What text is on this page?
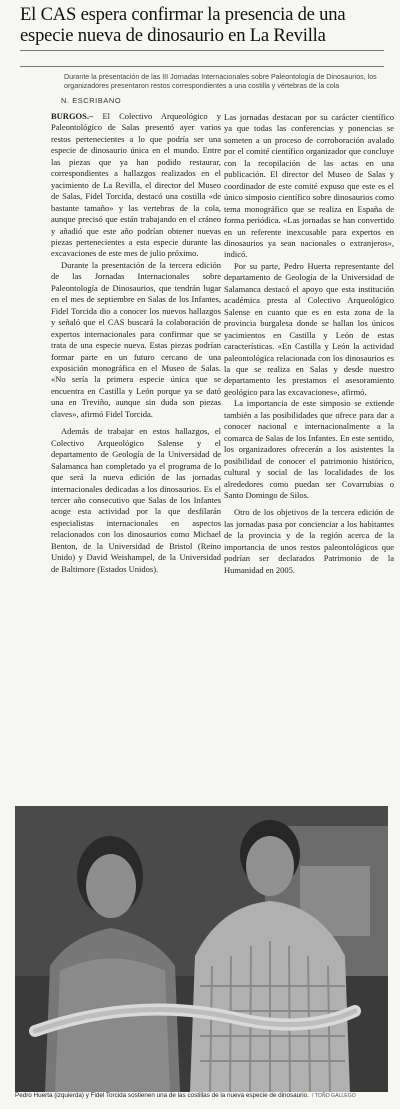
El CAS espera confirmar la presencia de una especie nueva de dinosaurio en La Revilla
Durante la presentación de las III Jornadas Internacionales sobre Paleontología de Dinosaurios, los organizadores presentaron restos correspondientes a una costilla y vértebras de la cola
N. ESCRIBANO

BURGOS.– El Colectivo Arqueológico y Paleontológico de Salas presentó ayer varios restos pertenecientes a lo que podría ser una especie de dinosaurio única en el mundo. Entre las piezas que ya han podido restaurar, correspondientes a hallazgos realizados en el yacimiento de La Revilla, el director del Museo de Salas, Fidel Torcida, destacó una costilla «de bastante tamaño» y las vertebras de la cola, aunque precisó que están trabajando en el cráneo y añadió que este año podrían obtener nuevas piezas pertenecientes a esta especie durante las excavaciones de este mes de julio próximo.

Durante la presentación de la tercera edición de las Jornadas Internacionales sobre Paleontología de Dinosaurios, que tendrán lugar en el mes de septiembre en Salas de los Infantes, Fidel Torcida dio a conocer los nuevos hallazgos y señaló que el CAS buscará la colaboración de expertos internacionales para confirmar que se trata de una especie nueva. Estas piezas podrían formar parte en un futuro cercano de una exposición monográfica en el Museo de Salas. «No sería la primera especie única que se encuentra en Castilla y León porque ya se dató una en Treviño, aunque sin duda son piezas claves», afirmó Fidel Torcida.

Además de trabajar en estos hallazgos, el Colectivo Arqueológico Salense y el departamento de Geología de la Universidad de Salamanca han completado ya el programa de lo que será la nueva edición de las jornadas internacionales dedicadas a los dinosaurios. Es el tercer año consecutivo que Salas de los Infantes acoge esta actividad por la que desfilarán especialistas internacionales en aspectos relacionados con los dinosaurios como Michael Benton, de la Universidad de Bristol (Reino Unido) y David Weishampel, de la Universidad de Baltimore (Estados Unidos).

Las jornadas destacan por su carácter científico ya que todas las conferencias y ponencias se someten a un proceso de corroboración avalado por el comité científico organizador que concluye con la recopilación de las actas en una publicación. El director del Museo de Salas y coordinador de este comité expuso que este es el único simposio científico sobre dinosaurios como tema monográfico que se realiza en España de forma periódica. «Las jornadas se han convertido en un referente inexcusable para expertos en dinosaurios ya sean nacionales o extranjeros», indicó.

Por su parte, Pedro Huerta representante del departamento de Geología de la Universidad de Salamanca destacó el apoyo que esta institución académica presta al Colectivo Arqueológico Salense en cuanto que es en esta zona de la provincia burgalesa donde se hallan los únicos yacimientos en Castilla y León de estas características. «En Castilla y León la actividad paleontológica relacionada con los dinosaurios es la que se realiza en Salas y desde nuestro departamento les prestamos el asesoramiento geológico para las excavaciones», afirmó.

La importancia de este simposio se extiende también a las posibilidades que ofrece para dar a conocer nacional e internacionalmente a la comarca de Salas de los Infantes. En este sentido, los organizadores ofrecerán a los asistentes la posibilidad de conocer el patrimonio histórico, cultural y social de las localidades de los alrededores como puedan ser Covarrubias o Santo Domingo de Silos.

Otro de los objetivos de la tercera edición de las jornadas pasa por concienciar a los habitantes de la provincia y de la región acerca de la importancia de unos restos paleontológicos que podrían ser declarados Patrimonio de la Humanidad en 2005.

Pedro Huerta (izquierda) y Fidel Torcida sostienen una de las costillas de la nueva especie de dinosaurio. / TOÑO GALLEGO
